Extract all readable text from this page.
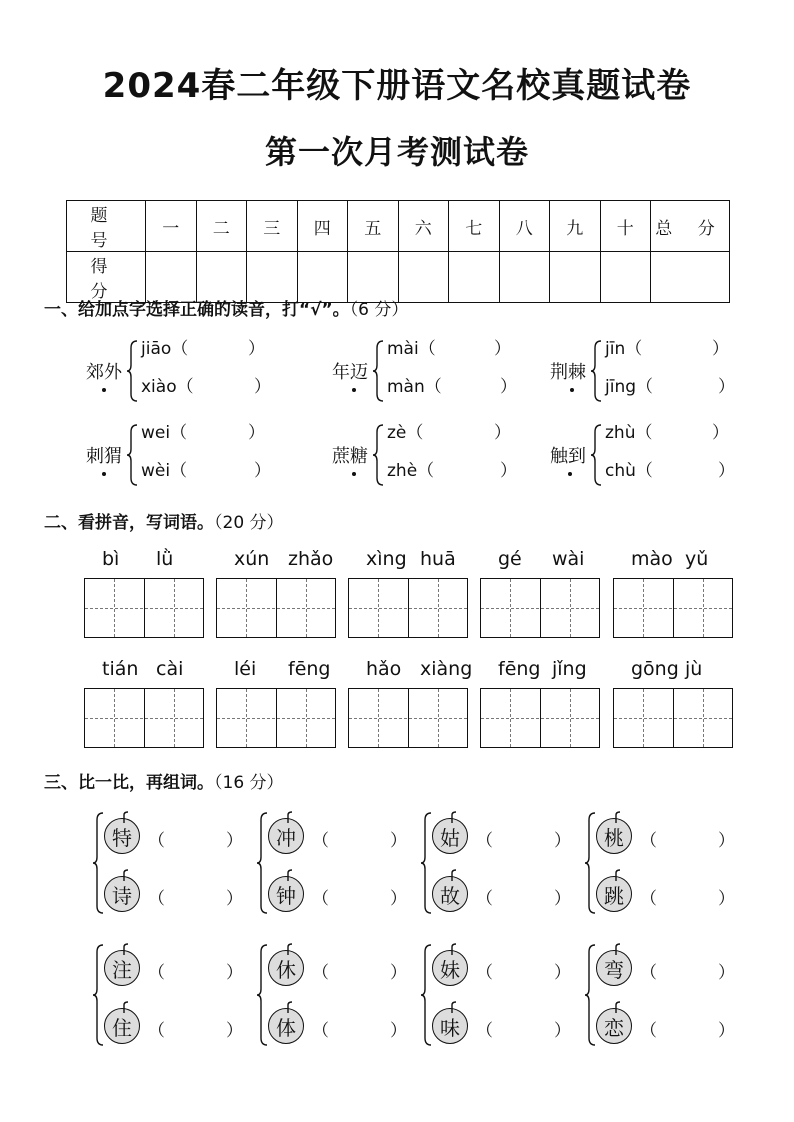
2024春二年级下册语文名校真题试卷
第一次月考测试卷
题 号	一	二	三	四	五	六	七	八	九	十	总 分
得 分											
一、给加点字选择正确的读音，打“√”。（6 分）
郊外
jiāo（	）
xiào（	）
年迈
mài（	）
màn（	）
荆棘
jīn（	）
jīng（	）
刺猬
wei（	）
wèi（	）
蔗糖
zè（	）
zhè（	）
触到
zhù（	）
chù（	）
二、看拼音，写词语。（20 分）
bì lǜ	xún zhǎo xìng huā gé wài mào yǔ
tián cài	léi fēng hǎo xiàng fēng jǐng gōng jù
三、比一比，再组词。（16 分）
特 （	）
诗 （	）
冲 （	）
钟 （	）
姑 （	）
故 （	）
桃 （	）
跳 （	）
注 （	）
住 （	）
休 （	）
体 （	）
妹 （	）
味 （	）
弯 （	）
恋 （	）
